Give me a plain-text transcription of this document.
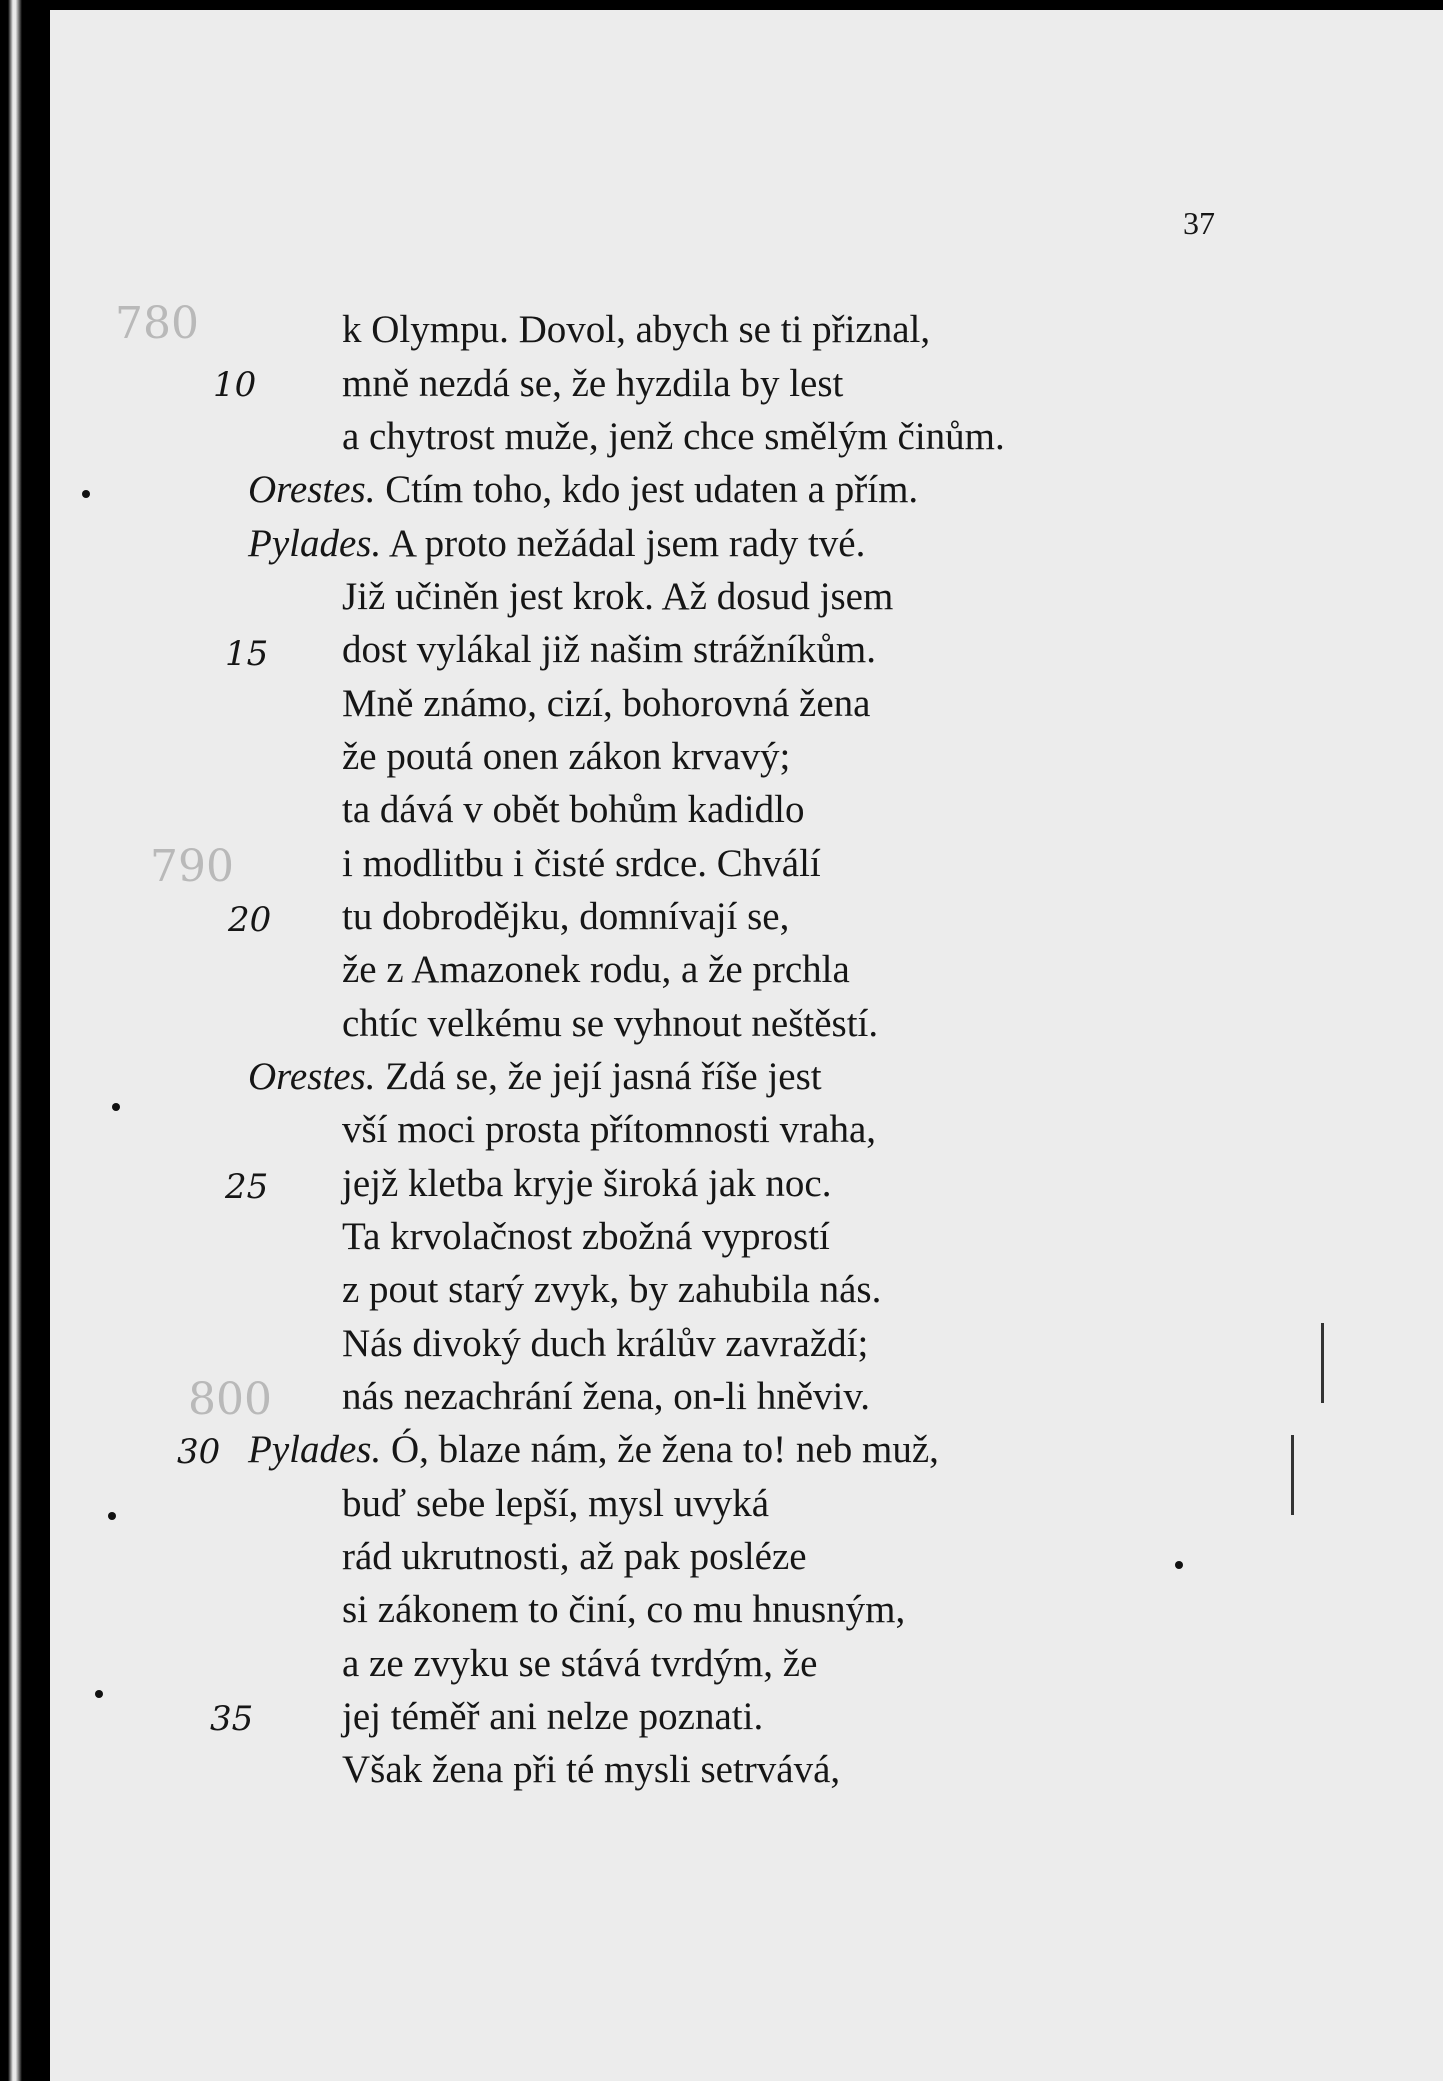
37
k Olympu. Dovol, abych se ti přiznal,
mně nezdá se, že hyzdila by lest
a chytrost muže, jenž chce smělým činům.
Orestes. Ctím toho, kdo jest udaten a přím.
Pylades. A proto nežádal jsem rady tvé.
Již učiněn jest krok. Až dosud jsem
dost vylákal již našim strážníkům.
Mně známo, cizí, bohorovná žena
že poutá onen zákon krvavý;
ta dává v obět bohům kadidlo
i modlitbu i čisté srdce. Chválí
tu dobroděјku, domnívají se,
že z Amazonek rodu, a že prchla
chtíc velkému se vyhnout neštěstí.
Orestes. Zdá se, že její jasná říše jest
vší moci prosta přítomnosti vraha,
jejž kletba kryje široká jak noc.
Ta krvolačnost zbožná vyprostí
z pout starý zvyk, by zahubila nás.
Nás divoký duch králův zavraždí;
nás nezachrání žena, on-li hněviv.
Pylades. Ó, blaze nám, že žena to! neb muž,
buď sebe lepší, mysl uvyká
rád ukrutnosti, až pak posléze
si zákonem to činí, co mu hnusným,
a ze zvyku se stává tvrdým, že
jej téměř ani nelze poznati.
Však žena při té mysli setrvává,
780
10
15
790
20
25
800
30
35
